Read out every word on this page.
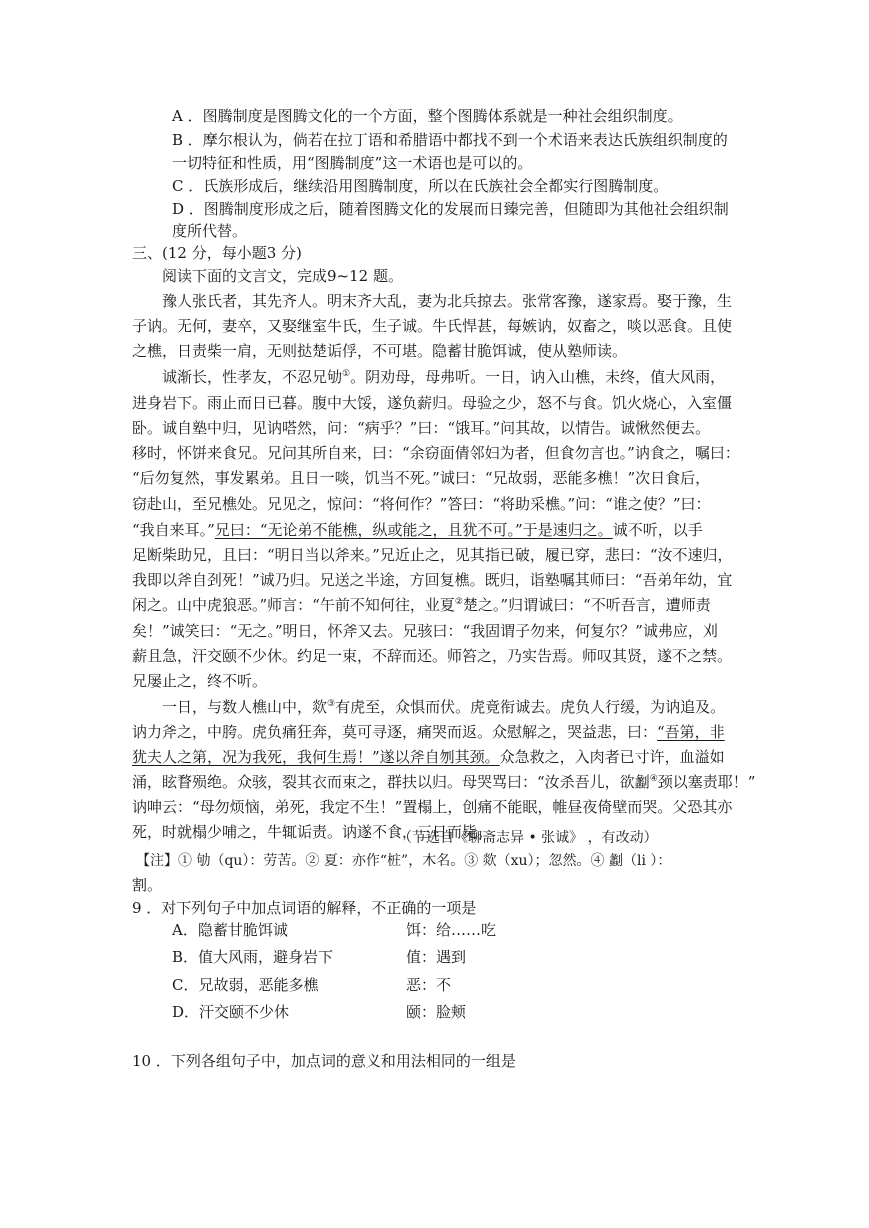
A ．图腾制度是图腾文化的一个方面，整个图腾体系就是一种社会组织制度。
B ．摩尔根认为，倘若在拉丁语和希腊语中都找不到一个术语来表达氏族组织制度的
一切特征和性质，用“图腾制度”这一术语也是可以的。
C ．氏族形成后，继续沿用图腾制度，所以在氏族社会全都实行图腾制度。
D ．图腾制度形成之后，随着图腾文化的发展而日臻完善，但随即为其他社会组织制
度所代替。
三、(12 分，每小题3 分)
阅读下面的文言文，完成9~12 题。
豫人张氏者，其先齐人。明末齐大乱，妻为北兵掠去。张常客豫，遂家焉。娶于豫，生
子讷。无何，妻卒，又娶继室牛氏，生子诚。牛氏悍甚，每嫉讷，奴畜之，啖以恶食。且使
之樵，日责柴一肩，无则挞楚诟俘，不可堪。隐蓄甘脆饵诚，使从塾师读。
诚渐长，性孝友，不忍兄劬①。阴劝母，母弗听。一日，讷入山樵，未终，值大风雨，
进身岩下。雨止而日已暮。腹中大馁，遂负薪归。母验之少，怒不与食。饥火烧心，入室僵
卧。诚自塾中归，见讷嗒然，问：“病乎？”曰：“饿耳。”问其故，以情告。诚愀然便去。
移时，怀饼来食兄。兄问其所自来，曰：“余窃面倩邻妇为者，但食勿言也。”讷食之，嘱曰：
“后勿复然，事发累弟。且日一啖，饥当不死。”诚曰：“兄故弱，恶能多樵！”次日食后，
窃赴山，至兄樵处。兄见之，惊问：“将何作？”答曰：“将助采樵。”问：“谁之使？”曰：
“我自来耳。”兄曰：“无论弟不能樵，纵或能之，且犹不可。”于是速归之。诚不听，以手
足断柴助兄，且曰：“明日当以斧来。”兄近止之，见其指已破，履已穿，悲曰：“汝不速归，
我即以斧自刭死！”诚乃归。兄送之半途，方回复樵。既归，诣塾嘱其师曰：“吾弟年幼，宜
闲之。山中虎狼恶。”师言：“午前不知何往，业夏②楚之。”归谓诚曰：“不听吾言，遭师责
矣！”诚笑曰：“无之。”明日，怀斧又去。兄骇曰：“我固谓子勿来，何复尔？”诚弗应，刈
薪且急，汗交颐不少休。约足一束，不辞而还。师笞之，乃实告焉。师叹其贤，遂不之禁。
兄屡止之，终不听。
一日，与数人樵山中，欻③有虎至，众惧而伏。虎竟衔诚去。虎负人行缓，为讷追及。
讷力斧之，中胯。虎负痛狂奔，莫可寻逐，痛哭而返。众慰解之，哭益悲，曰：“吾第，非
犹夫人之第，况为我死，我何生焉！”遂以斧自刎其颈。众急救之，入肉者已寸许，血溢如
涌，眩瞀殒绝。众骇，裂其衣而束之，群扶以归。母哭骂曰：“汝杀吾儿，欲劙④颈以塞责耶！”
讷呻云：“母勿烦恼，弟死，我定不生！”置榻上，创痛不能眠，帷昼夜倚壁而哭。父恐其亦
死，时就榻少哺之，牛辄诟责。讷遂不食，三日而毙。
（节选自《聊斋志异 • 张诚》 ，有改动）
【注】① 劬（qu）：劳苦。② 夏：亦作“桩”，木名。③ 欻（xu）；忽然。④ 劙（li ）：
割。
9 ．对下列句子中加点词语的解释，不正确的一项是
A．隐蓄甘脆饵诚	饵：给……吃
B．值大风雨，避身岩下	值：遇到
C．兄故弱，恶能多樵	恶：不
D．汗交颐不少休	颐：脸颊
10 ．下列各组句子中，加点词的意义和用法相同的一组是
